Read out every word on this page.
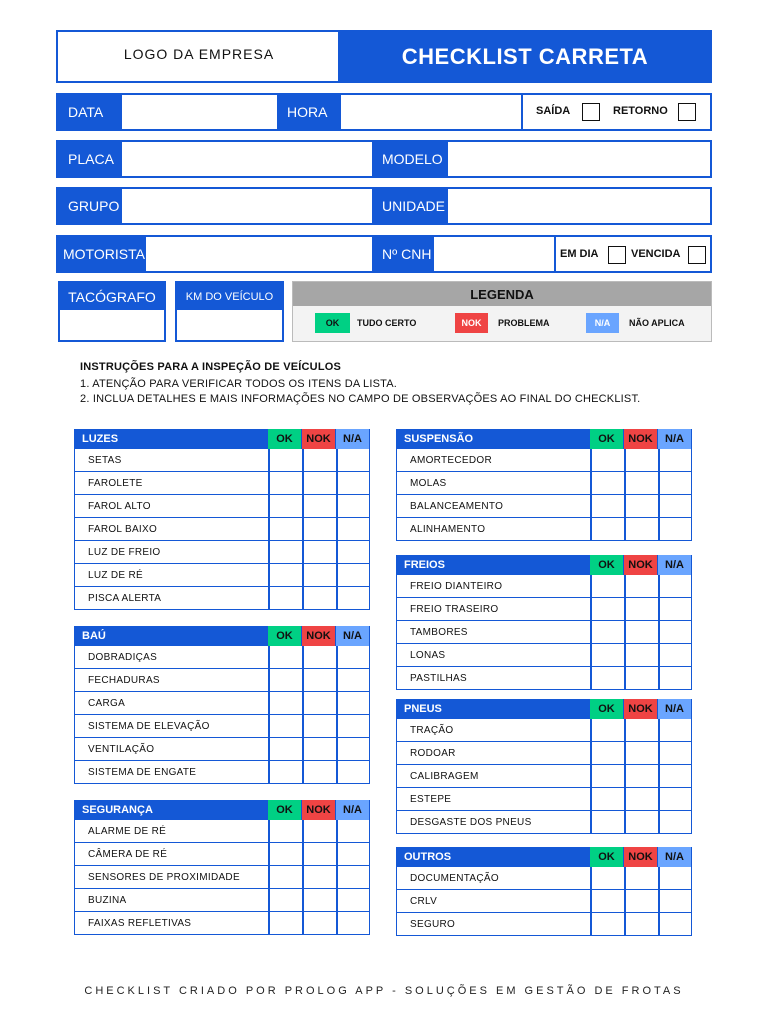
LOGO DA EMPRESA	CHECKLIST CARRETA
DATA	HORA	SAÍDA	RETORNO
PLACA	MODELO
GRUPO	UNIDADE
MOTORISTA	Nº CNH	EM DIA	VENCIDA
TACÓGRAFO	KM DO VEÍCULO	LEGENDA
OK	TUDO CERTO	NOK	PROBLEMA	N/A	NÃO APLICA
INSTRUÇÕES PARA A INSPEÇÃO DE VEÍCULOS
1. ATENÇÃO PARA VERIFICAR TODOS OS ITENS DA LISTA.
2. INCLUA DETALHES E MAIS INFORMAÇÕES NO CAMPO DE OBSERVAÇÕES AO FINAL DO CHECKLIST.
LUZES	OK	NOK	N/A
SETAS
FAROLETE
FAROL ALTO
FAROL BAIXO
LUZ DE FREIO
LUZ DE RÉ
PISCA ALERTA
BAÚ	OK	NOK	N/A
DOBRADIÇAS
FECHADURAS
CARGA
SISTEMA DE ELEVAÇÃO
VENTILAÇÃO
SISTEMA DE ENGATE
SEGURANÇA	OK	NOK	N/A
ALARME DE RÉ
CÂMERA DE RÉ
SENSORES DE PROXIMIDADE
BUZINA
FAIXAS REFLETIVAS
SUSPENSÃO	OK	NOK	N/A
AMORTECEDOR
MOLAS
BALANCEAMENTO
ALINHAMENTO
FREIOS	OK	NOK	N/A
FREIO DIANTEIRO
FREIO TRASEIRO
TAMBORES
LONAS
PASTILHAS
PNEUS	OK	NOK	N/A
TRAÇÃO
RODOAR
CALIBRAGEM
ESTEPE
DESGASTE DOS PNEUS
OUTROS	OK	NOK	N/A
DOCUMENTAÇÃO
CRLV
SEGURO
CHECKLIST CRIADO POR PROLOG APP - SOLUÇÕES EM GESTÃO DE FROTAS
